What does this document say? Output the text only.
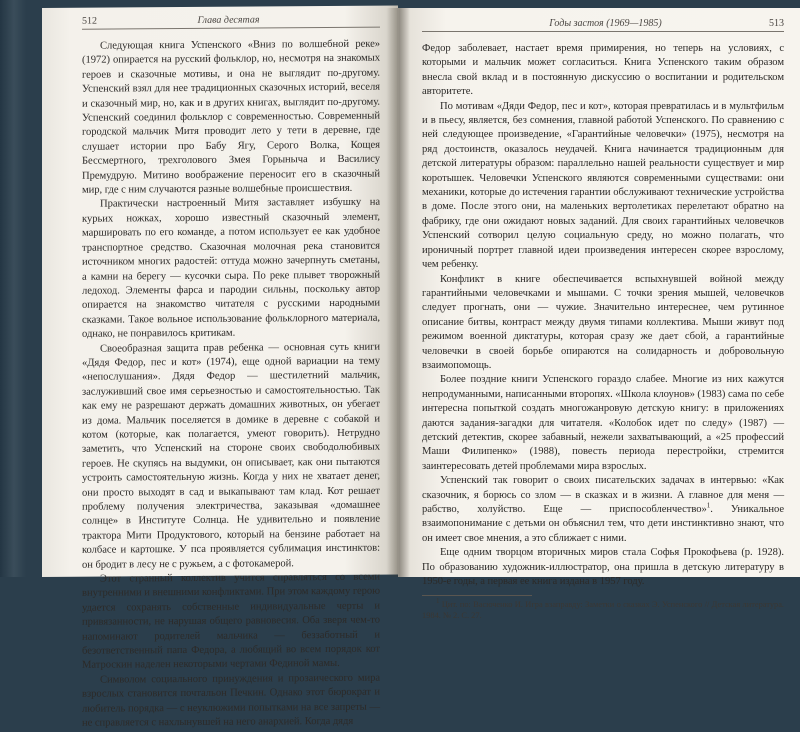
512	Глава десятая

Следующая книга Успенского «Вниз по волшебной реке» (1972) опирается на русский фольклор, но, несмотря на знакомых героев и сказочные мотивы, и она не выглядит по-другому. Успенский взял для нее традиционных сказочных историй, веселя и сказочный мир, но, как и в других книгах, выглядит по-другому. Успенский соединил фольклор с современностью. Современный городской мальчик Митя проводит лето у тети в деревне, где слушает истории про Бабу Ягу, Серого Волка, Кощея Бессмертного, трехголового Змея Горыныча и Василису Премудрую. Митино воображение переносит его в сказочный мир, где с ним случаются разные волшебные происшествия.

Практически настроенный Митя заставляет избушку на курьих ножках, хорошо известный сказочный элемент, маршировать по его команде, а потом использует ее как удобное транспортное средство. Сказочная молочная река становится источником многих радостей: оттуда можно зачерпнуть сметаны, а камни на берегу — кусочки сыра. По реке плывет творожный ледоход. Элементы фарса и пародии сильны, поскольку автор опирается на знакомство читателя с русскими народными сказками. Такое вольное использование фольклорного материала, однако, не понравилось критикам.

Своеобразная защита прав ребенка — основная суть книги «Дядя Федор, пес и кот» (1974), еще одной вариации на тему «непослушания». Дядя Федор — шестилетний мальчик, заслуживший свое имя серьезностью и самостоятельностью. Так как ему не разрешают держать домашних животных, он убегает из дома. Мальчик поселяется в домике в деревне с собакой и котом (которые, как полагается, умеют говорить). Нетрудно заметить, что Успенский на стороне своих свободолюбивых героев. Не скупясь на выдумки, он описывает, как они пытаются устроить самостоятельную жизнь. Когда у них не хватает денег, они просто выходят в сад и выкапывают там клад. Кот решает проблему получения электричества, заказывая «домашнее солнце» в Институте Солнца. Не удивительно и появление трактора Мити Продуктового, который на бензине работает на колбасе и картошке. У пса проявляется сублимация инстинктов: он бродит в лесу не с ружьем, а с фотокамерой.

Этот странный коллектив учится справляться со всеми внутренними и внешними конфликтами. При этом каждому герою удается сохранять собственные индивидуальные черты и привязанности, не нарушая общего равновесия. Оба зверя чем-то напоминают родителей мальчика — беззаботный и безответственный папа Федора, а любящий во всем порядок кот Матроскин наделен некоторыми чертами Фединой мамы.

Символом социального принуждения и прозаического мира взрослых становится почтальон Печкин. Однако этот бюрократ и любитель порядка — с неуклюжими попытками на все запреты — не справляется с нахлынувшей на него анархией. Когда дядя

Годы застоя (1969—1985)	513

Федор заболевает, настает время примирения, но теперь на условиях, с которыми и мальчик может согласиться. Книга Успенского таким образом внесла свой вклад и в постоянную дискуссию о воспитании и родительском авторитете.

По мотивам «Дяди Федор, пес и кот», которая превратилась и в мультфильм и в пьесу, является, без сомнения, главной работой Успенского. По сравнению с ней следующее произведение, «Гарантийные человечки» (1975), несмотря на ряд достоинств, оказалось неудачей. Книга начинается традиционным для детской литературы образом: параллельно нашей реальности существует и мир коротышек. Человечки Успенского являются современными существами: они механики, которые до истечения гарантии обслуживают технические устройства в доме. После этого они, на маленьких вертолетиках перелетают обратно на фабрику, где они ожидают новых заданий. Для своих гарантийных человечков Успенский сотворил целую социальную среду, но можно полагать, что ироничный портрет главной идеи произведения интересен скорее взрослому, чем ребенку.

Конфликт в книге обеспечивается вспыхнувшей войной между гарантийными человечками и мышами. С точки зрения мышей, человечков следует прогнать, они — чужие. Значительно интереснее, чем рутинное описание битвы, контраст между двумя типами коллектива. Мыши живут под режимом военной диктатуры, которая сразу же дает сбой, а гарантийные человечки в своей борьбе опираются на солидарность и добровольную взаимопомощь.

Более поздние книги Успенского гораздо слабее. Многие из них кажутся непродуманными, написанными второпях. «Школа клоунов» (1983) сама по себе интересна попыткой создать многожанровую детскую книгу: в приложениях даются задания-загадки для читателя. «Колобок идет по следу» (1987) — детский детектив, скорее забавный, нежели захватывающий, а «25 профессий Маши Филипенко» (1988), повесть периода перестройки, стремится заинтересовать детей проблемами мира взрослых.

Успенский так говорит о своих писательских задачах в интервью: «Как сказочник, я борюсь со злом — в сказках и в жизни. А главное для меня — рабство, холуйство. Еще — приспособленчество»$^1$. Уникальное взаимопонимание с детьми он объяснил тем, что дети инстинктивно знают, что он имеет свое мнения, а это сближает с ними.

Еще одним творцом вторичных миров стала Софья Прокофьева (р. 1928). По образованию художник-иллюстратор, она пришла в детскую литературу в 1950-е годы, а первая ее книга издана в 1957 году.

$^1$ Цит. по: Васюченко И. Игра взаправду: Заметки о сказках Э. Успенского // Детская литература. 1984. № 2. С. 27.
